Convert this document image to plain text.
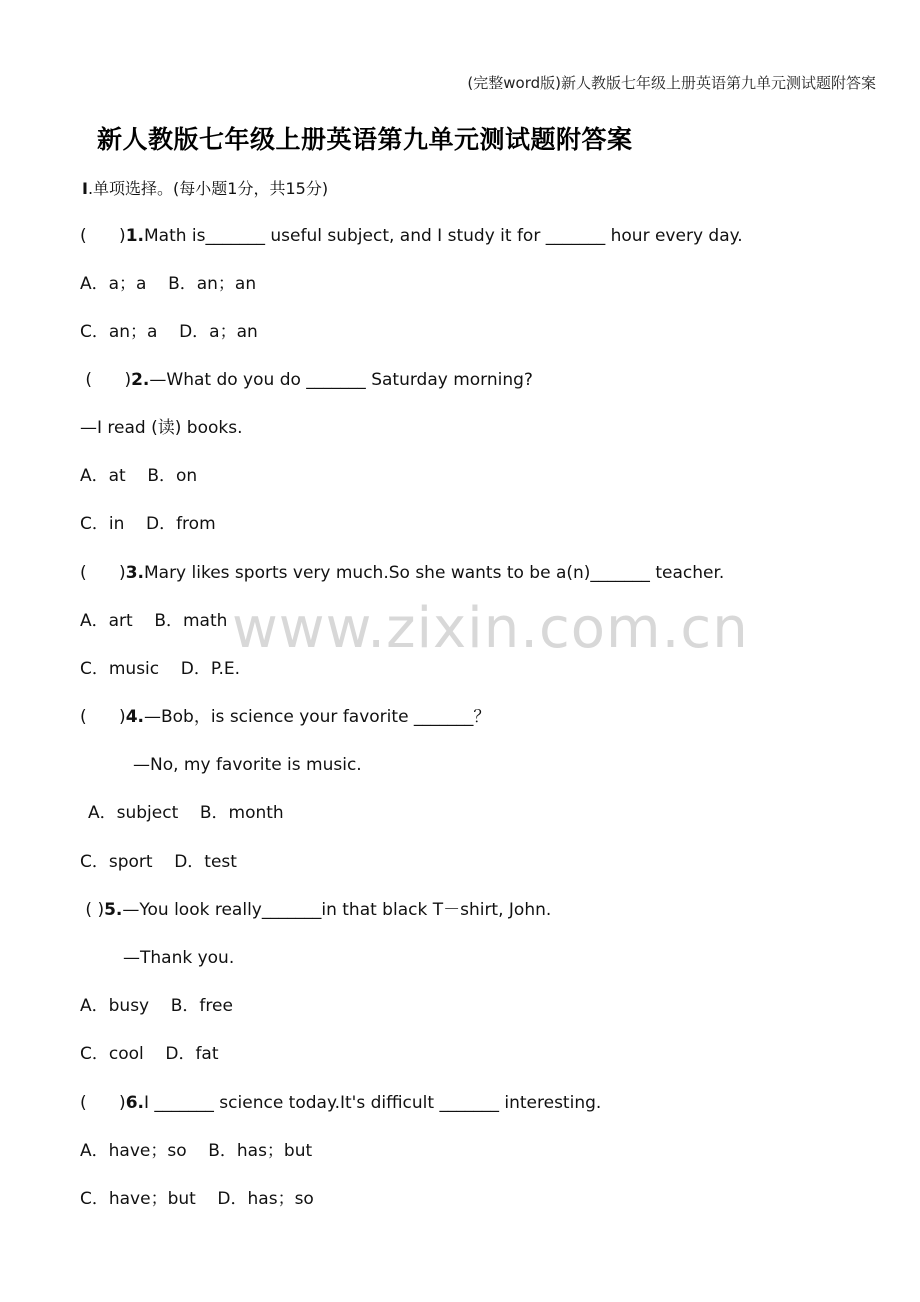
(完整word版)新人教版七年级上册英语第九单元测试题附答案
新人教版七年级上册英语第九单元测试题附答案
Ⅰ.单项选择。(每小题1分，共15分)
www.zixin.com.cn
(      )1.Math is_______ useful subject, and I study it for _______ hour every day.
A．a；a    B．an；an
C．an；a    D．a；an
(      )2.—What do you do _______ Saturday morning?
—I read (读) books.
A．at    B．on
C．in    D．from
(      )3.Mary likes sports very much.So she wants to be a(n)_______ teacher.
A．art    B．math
C．music    D．P.E.
(      )4.—Bob，is science your favorite _______？
—No, my favorite is music.
A．subject    B．month
C．sport    D．test
( )5.—You look really_______in that black T－shirt, John.
—Thank you.
A．busy    B．free
C．cool    D．fat
(      )6.I _______ science today.It's difficult _______ interesting.
A．have；so    B．has；but
C．have；but    D．has；so
